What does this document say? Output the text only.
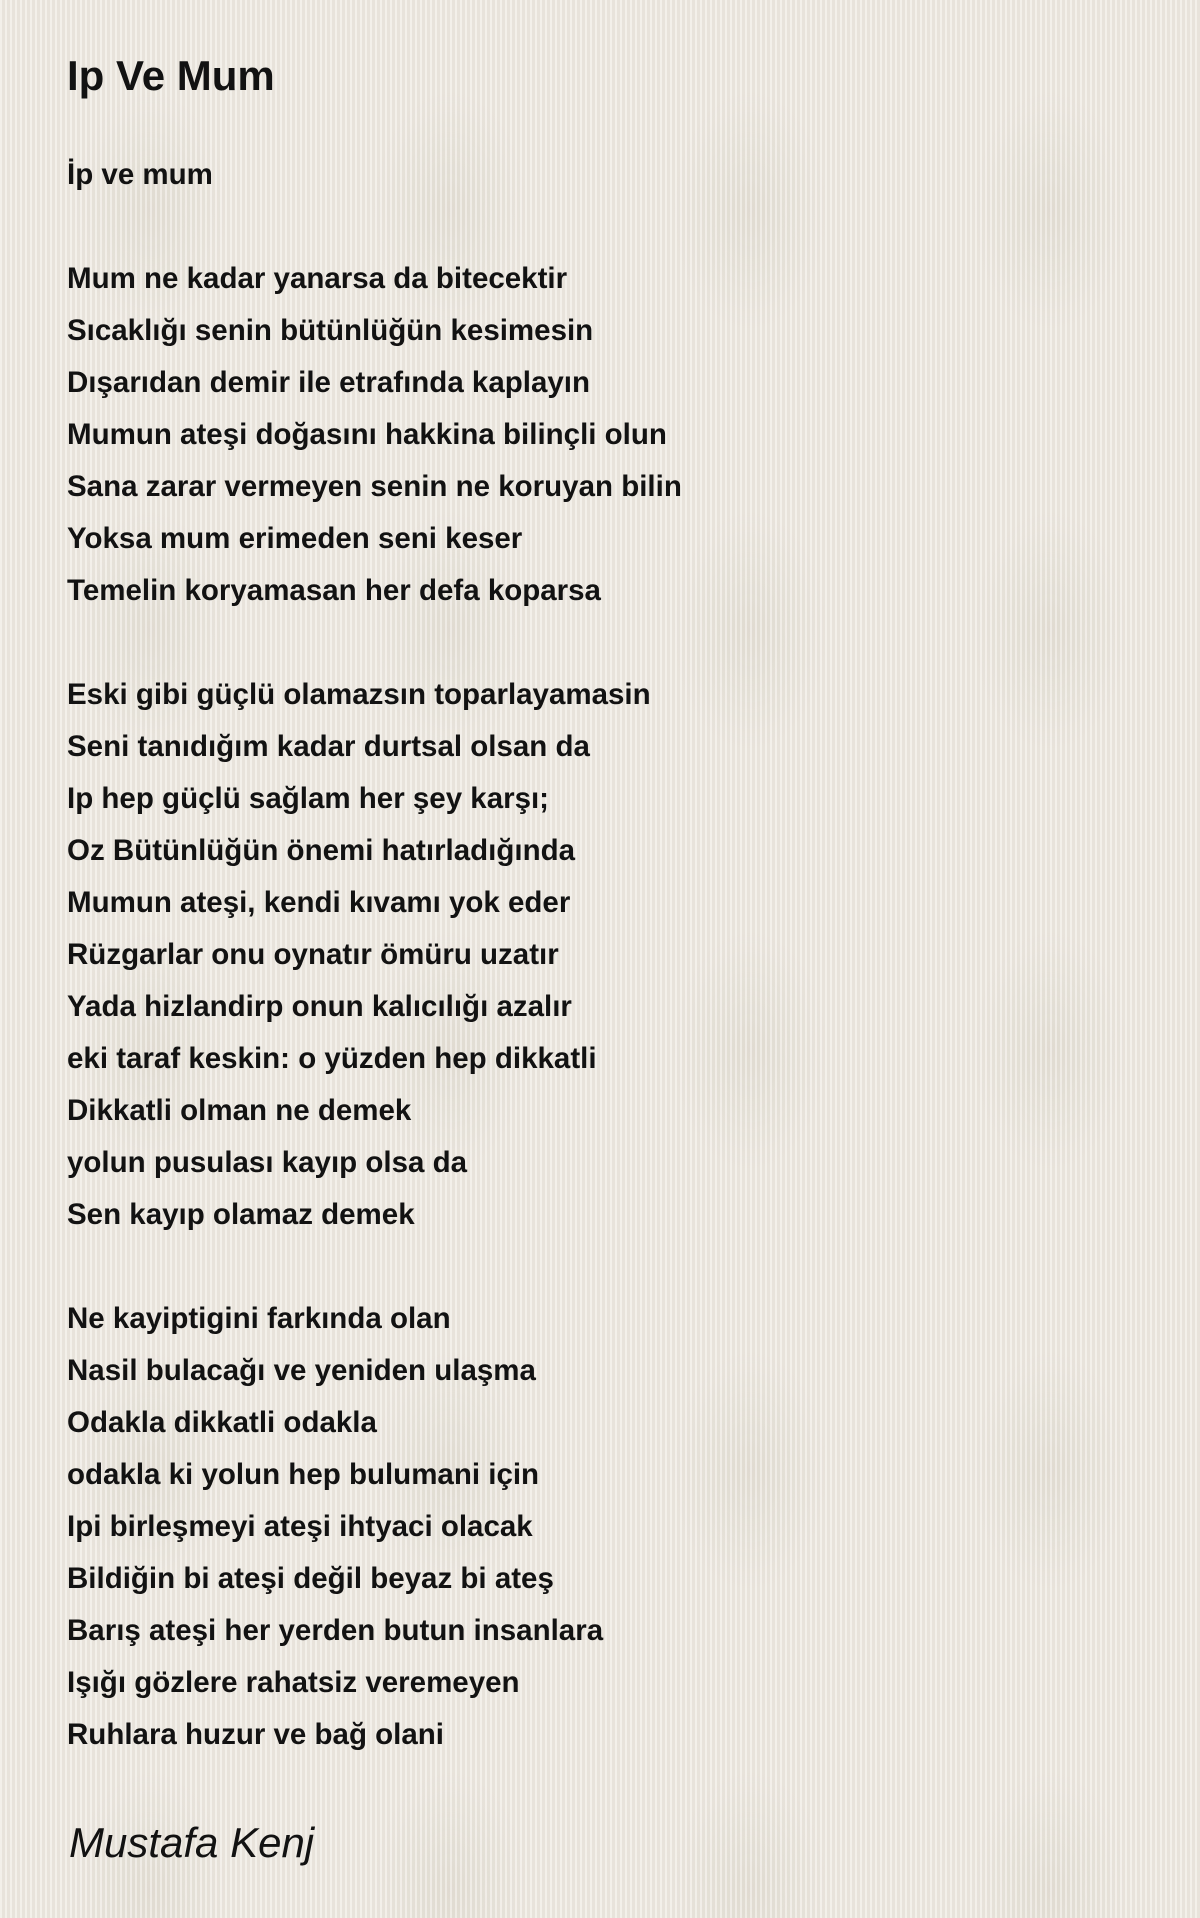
Ip Ve Mum

İp ve mum

Mum ne kadar yanarsa da bitecektir
Sıcaklığı senin bütünlüğün kesimesin
Dışarıdan demir ile etrafında kaplayın
Mumun ateşi doğasını hakkina bilinçli olun
Sana zarar vermeyen senin ne koruyan bilin
Yoksa mum erimeden seni keser
Temelin koryamasan her defa koparsa

Eski gibi güçlü olamazsın toparlayamasin
Seni tanıdığım kadar durtsal olsan da
Ip hep güçlü sağlam her şey karşı;
Oz Bütünlüğün önemi hatırladığında
Mumun ateşi, kendi kıvamı yok eder
Rüzgarlar onu oynatır ömüru uzatır
Yada hizlandirp onun kalıcılığı azalır
eki taraf keskin: o yüzden hep dikkatli
Dikkatli olman ne demek
yolun pusulası kayıp olsa da
Sen kayıp olamaz demek

Ne kayiptigini farkında olan
Nasil bulacağı ve yeniden ulaşma
Odakla dikkatli odakla
odakla ki yolun hep bulumani için
Ipi birleşmeyi ateşi ihtyaci olacak
Bildiğin bi ateşi değil beyaz bi ateş
Barış ateşi her yerden butun insanlara
Işığı gözlere rahatsiz veremeyen
Ruhlara huzur ve bağ olani

Mustafa Kenj
